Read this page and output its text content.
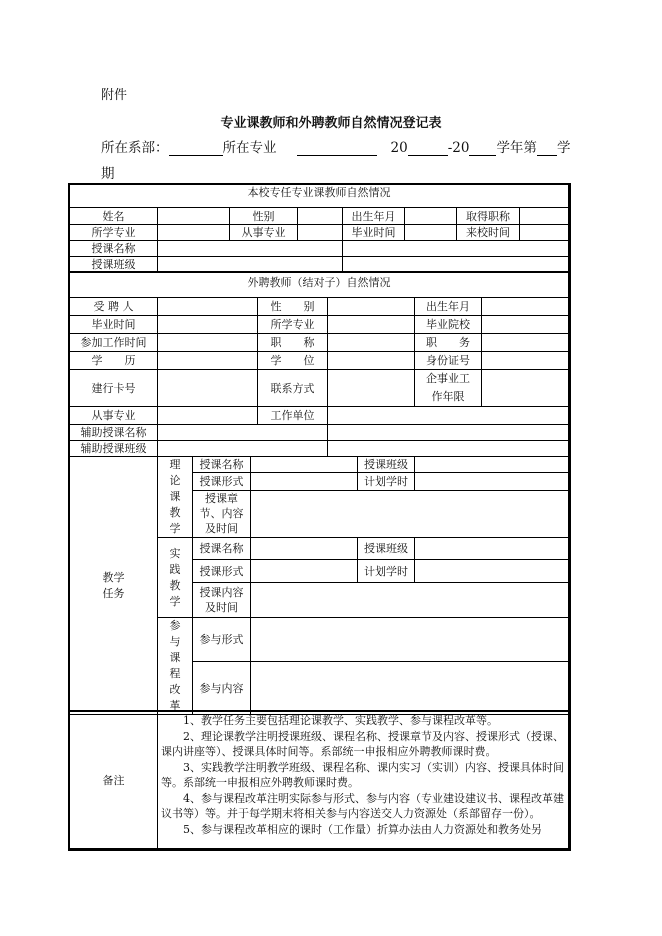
附件
专业课教师和外聘教师自然情况登记表
所在系部：	所在专业	20	-20 学年第 学
期
本校专任专业课教师自然情况							
姓名		性别		出生年月		取得职称	
所学专业		从事专业		毕业时间		来校时间	
授课名称							
授课班级							
外聘教师（结对子）自然情况					
受 聘 人		性　　别		出生年月	
毕业时间		所学专业		毕业院校	
参加工作时间		职　　称		职　　务	
学　　历		学　　位		身份证号	
建行卡号		联系方式		企事业工作年限	
从事专业		工作单位			
辅助授课名称					
辅助授课班级					
教学任务	理论课教学	授课名称		授课班级	
		授课形式		计划学时	
		授课章节、内容及时间			
	实践教学	授课名称		授课班级	
		授课形式		计划学时	
		授课内容及时间			
	参与课程改革	参与形式			
		参与内容			
备注	

1、教学任务主要包括理论课教学、实践教学、参与课程改革等。

2、理论课教学注明授课班级、课程名称、授课章节及内容、授课形式（授课、课内讲座等）、授课具体时间等。系部统一申报相应外聘教师课时费。

3、实践教学注明教学班级、课程名称、课内实习（实训）内容、授课具体时间等。系部统一申报相应外聘教师课时费。

4、参与课程改革注明实际参与形式、参与内容（专业建设建议书、课程改革建议书等）等。并于每学期末将相关参与内容送交人力资源处（系部留存一份）。

5、参与课程改革相应的课时（工作量）折算办法由人力资源处和教务处另
